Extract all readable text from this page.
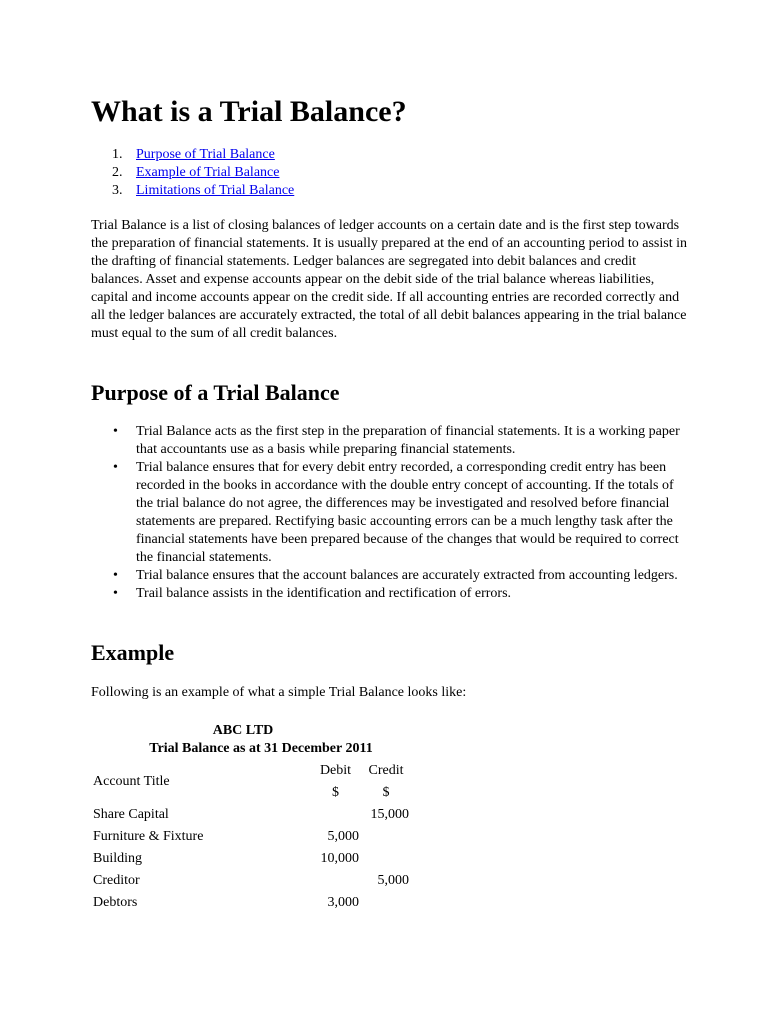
What is a Trial Balance?
1. Purpose of Trial Balance
2. Example of Trial Balance
3. Limitations of Trial Balance

Trial Balance is a list of closing balances of ledger accounts on a certain date and is the first step towards the preparation of financial statements. It is usually prepared at the end of an accounting period to assist in the drafting of financial statements. Ledger balances are segregated into debit balances and credit balances. Asset and expense accounts appear on the debit side of the trial balance whereas liabilities, capital and income accounts appear on the credit side. If all accounting entries are recorded correctly and all the ledger balances are accurately extracted, the total of all debit balances appearing in the trial balance must equal to the sum of all credit balances.

Purpose of a Trial Balance
• Trial Balance acts as the first step in the preparation of financial statements. It is a working paper that accountants use as a basis while preparing financial statements.
• Trial balance ensures that for every debit entry recorded, a corresponding credit entry has been recorded in the books in accordance with the double entry concept of accounting. If the totals of the trial balance do not agree, the differences may be investigated and resolved before financial statements are prepared. Rectifying basic accounting errors can be a much lengthy task after the financial statements have been prepared because of the changes that would be required to correct the financial statements.
• Trial balance ensures that the account balances are accurately extracted from accounting ledgers.
• Trail balance assists in the identification and rectification of errors.
Example

Following is an example of what a simple Trial Balance looks like:

ABC LTD
Trial Balance as at 31 December 2011
Account Title	Debit	Credit
	$	$
Share Capital		15,000
Furniture & Fixture	5,000	
Building	10,000	
Creditor		5,000
Debtors	3,000	
